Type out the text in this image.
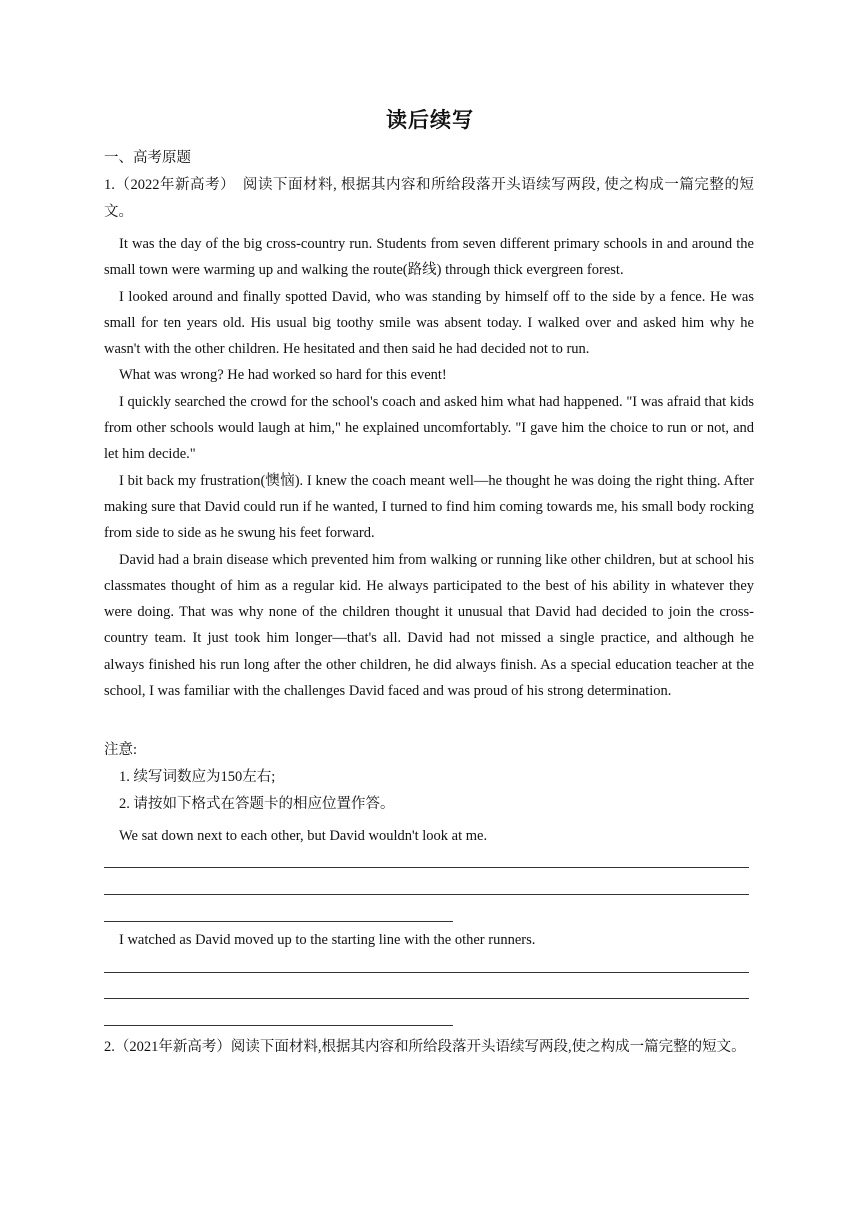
读后续写
一、高考原题

1.（2022年新高考）　阅读下面材料, 根据其内容和所给段落开头语续写两段, 使之构成一篇完整的短文。

It was the day of the big cross-country run. Students from seven different primary schools in and around the small town were warming up and walking the route(路线) through thick evergreen forest.

I looked around and finally spotted David, who was standing by himself off to the side by a fence. He was small for ten years old. His usual big toothy smile was absent today. I walked over and asked him why he wasn't with the other children. He hesitated and then said he had decided not to run.

What was wrong? He had worked so hard for this event!

I quickly searched the crowd for the school's coach and asked him what had happened. "I was afraid that kids from other schools would laugh at him," he explained uncomfortably. "I gave him the choice to run or not, and let him decide."

I bit back my frustration(懊恼). I knew the coach meant well—he thought he was doing the right thing. After making sure that David could run if he wanted, I turned to find him coming towards me, his small body rocking from side to side as he swung his feet forward.

David had a brain disease which prevented him from walking or running like other children, but at school his classmates thought of him as a regular kid. He always participated to the best of his ability in whatever they were doing. That was why none of the children thought it unusual that David had decided to join the cross-country team. It just took him longer—that's all. David had not missed a single practice, and although he always finished his run long after the other children, he did always finish. As a special education teacher at the school, I was familiar with the challenges David faced and was proud of his strong determination.

注意:
1. 续写词数应为150左右;
2. 请按如下格式在答题卡的相应位置作答。
We sat down next to each other, but David wouldn't look at me.
I watched as David moved up to the starting line with the other runners.

2.（2021年新高考）阅读下面材料,根据其内容和所给段落开头语续写两段,使之构成一篇完整的短文。
